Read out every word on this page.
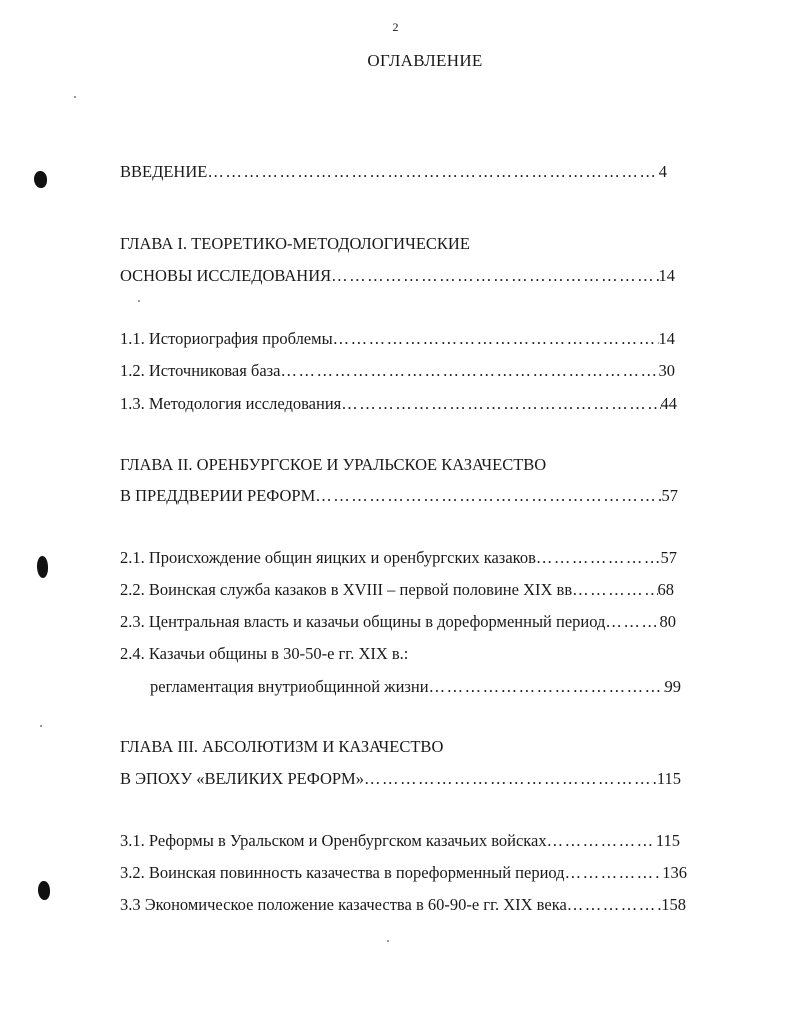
2
ОГЛАВЛЕНИЕ
ВВЕДЕНИЕ ……………………………………………………………………………………………………………………………………………………	4
ГЛАВА I. ТЕОРЕТИКО-МЕТОДОЛОГИЧЕСКИЕ
ОСНОВЫ ИССЛЕДОВАНИЯ ……………………………………………………………………………………………………………………………………………………	14
1.1. Историография проблемы ……………………………………………………………………………………………………………………………………………………	14
1.2. Источниковая база ……………………………………………………………………………………………………………………………………………………	30
1.3. Методология исследования ……………………………………………………………………………………………………………………………………………………	44
ГЛАВА II. ОРЕНБУРГСКОЕ И УРАЛЬСКОЕ КАЗАЧЕСТВО
В ПРЕДДВЕРИИ РЕФОРМ ……………………………………………………………………………………………………………………………………………………	57
2.1. Происхождение общин яицких и оренбургских казаков ……………………………………………………………………………………………………………………………………………………	57
2.2. Воинская служба казаков в XVIII – первой половине XIX вв ……………………………………………………………………………………………………………………………………………………	68
2.3. Центральная власть и казачьи общины в дореформенный период ……………………………………………………………………………………………………………………………………………………	80
2.4. Казачьи общины в 30-50-е гг. XIX в.:
регламентация внутриобщинной жизни ……………………………………………………………………………………………………………………………………………………	99
ГЛАВА III. АБСОЛЮТИЗМ И КАЗАЧЕСТВО
В ЭПОХУ «ВЕЛИКИХ РЕФОРМ» ……………………………………………………………………………………………………………………………………………………	115
3.1. Реформы в Уральском и Оренбургском казачьих войсках ……………………………………………………………………………………………………………………………………………………	115
3.2. Воинская повинность казачества в пореформенный период ……………………………………………………………………………………………………………………………………………………	136
3.3 Экономическое положение казачества в 60-90-е гг. XIX века ……………………………………………………………………………………………………………………………………………………	158
